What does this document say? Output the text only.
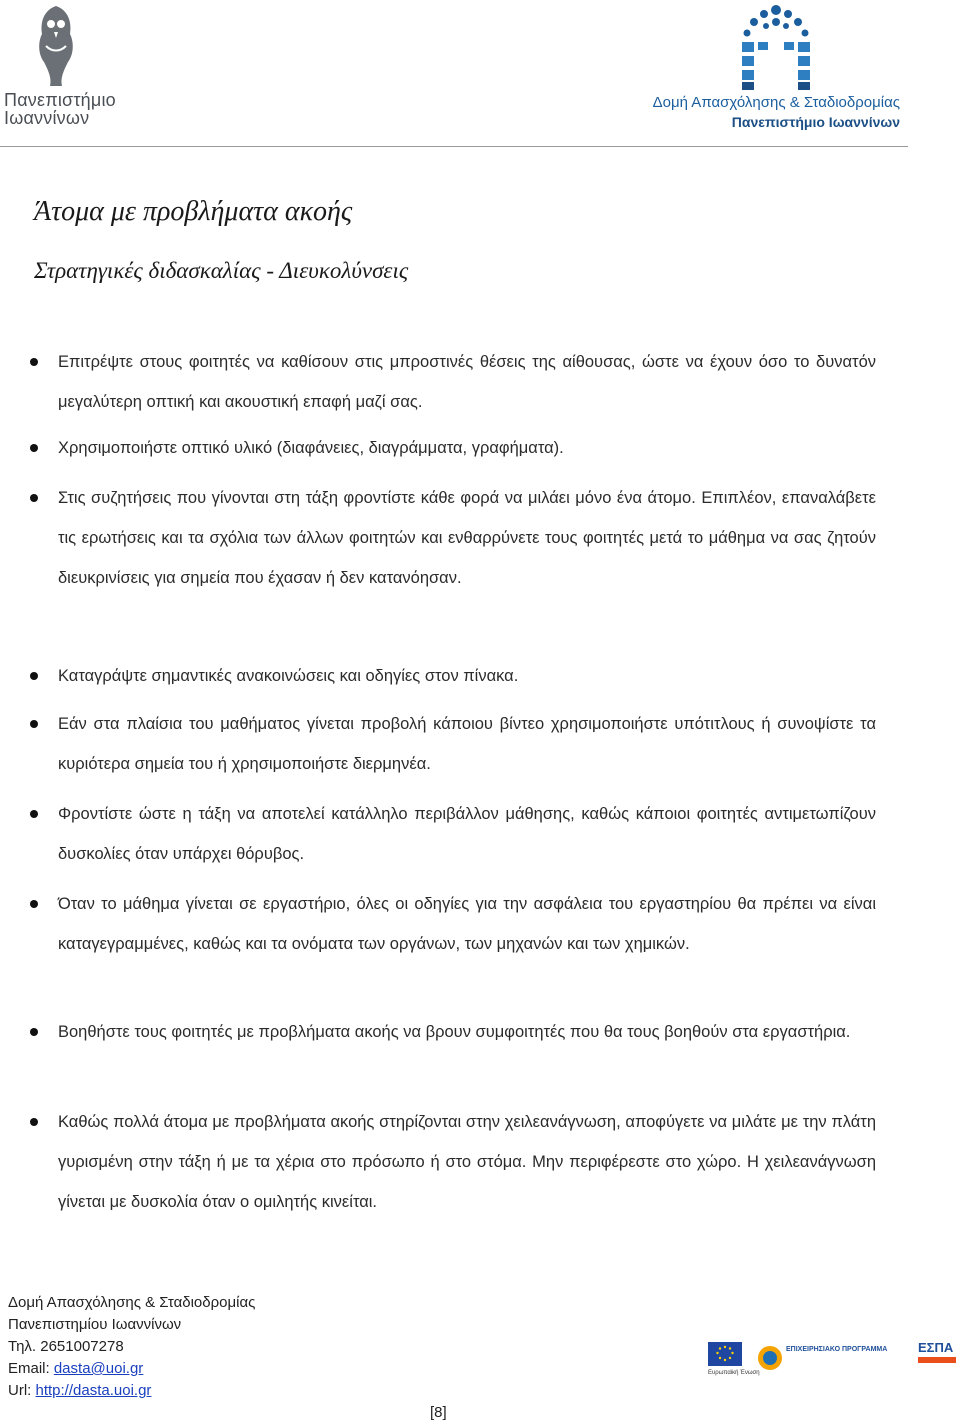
Πανεπιστήμιο
Ιωαννίνων
Δομή Απασχόλησης & Σταδιοδρομίας
Πανεπιστήμιο Ιωαννίνων
Άτομα με προβλήματα ακοής
Στρατηγικές διδασκαλίας - Διευκολύνσεις

Επιτρέψτε στους φοιτητές να καθίσουν στις μπροστινές θέσεις της αίθουσας, ώστε να έχουν όσο το δυνατόν μεγαλύτερη οπτική και ακουστική επαφή μαζί σας.

Χρησιμοποιήστε οπτικό υλικό (διαφάνειες, διαγράμματα, γραφήματα).

Στις συζητήσεις που γίνονται στη τάξη φροντίστε κάθε φορά να μιλάει μόνο ένα άτομο. Επιπλέον, επαναλάβετε τις ερωτήσεις και τα σχόλια των άλλων φοιτητών και ενθαρρύνετε τους φοιτητές μετά το μάθημα να σας ζητούν διευκρινίσεις για σημεία που έχασαν ή δεν κατανόησαν.

Καταγράψτε σημαντικές ανακοινώσεις και οδηγίες στον πίνακα.

Εάν στα πλαίσια του μαθήματος γίνεται προβολή κάποιου βίντεο χρησιμοποιήστε υπότιτλους ή συνοψίστε τα κυριότερα σημεία του ή χρησιμοποιήστε διερμηνέα.

Φροντίστε ώστε η τάξη να αποτελεί κατάλληλο περιβάλλον μάθησης, καθώς κάποιοι φοιτητές αντιμετωπίζουν δυσκολίες όταν υπάρχει θόρυβος.

Όταν το μάθημα γίνεται σε εργαστήριο, όλες οι οδηγίες για την ασφάλεια του εργαστηρίου θα πρέπει να είναι καταγεγραμμένες, καθώς και τα ονόματα των οργάνων, των μηχανών και των χημικών.

Βοηθήστε τους φοιτητές με προβλήματα ακοής να βρουν συμφοιτητές που θα τους βοηθούν στα εργαστήρια.

Καθώς πολλά άτομα με προβλήματα ακοής στηρίζονται στην χειλεανάγνωση, αποφύγετε να μιλάτε με την πλάτη γυρισμένη στην τάξη ή με τα χέρια στο πρόσωπο ή στο στόμα. Μην περιφέρεστε στο χώρο. Η χειλεανάγνωση γίνεται με δυσκολία όταν ο ομιλητής κινείται.

Δομή Απασχόλησης & Σταδιοδρομίας
Πανεπιστημίου Ιωαννίνων
Τηλ. 2651007278
Email: dasta@uoi.gr
Url: http://dasta.uoi.gr
Ευρωπαϊκή Ένωση
ΕΠΙΧΕΙΡΗΣΙΑΚΟ ΠΡΟΓΡΑΜΜΑ ΕΣΠΑ
[8]
